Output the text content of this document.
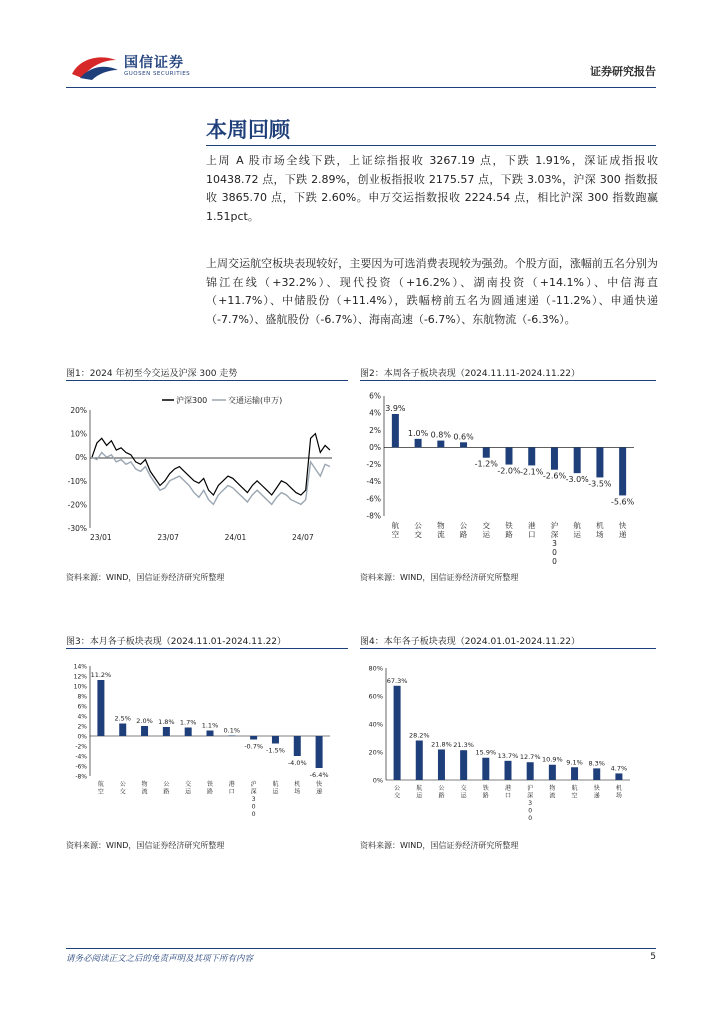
国信证券
GUOSEN SECURITIES	证券研究报告
本周回顾
上周 A 股市场全线下跌，上证综指报收 3267.19 点，下跌 1.91%，深证成指报收 10438.72 点，下跌 2.89%，创业板指报收 2175.57 点，下跌 3.03%，沪深 300 指数报收 3865.70 点，下跌 2.60%。申万交运指数报收 2224.54 点，相比沪深 300 指数跑赢 1.51pct。
上周交运航空板块表现较好，主要因为可选消费表现较为强劲。个股方面，涨幅前五名分别为锦江在线（+32.2%）、现代投资（+16.2%）、湖南投资（+14.1%）、中信海直（+11.7%）、中储股份（+11.4%），跌幅榜前五名为圆通速递（-11.2%）、申通快递（-7.7%）、盛航股份（-6.7%）、海南高速（-6.7%）、东航物流（-6.3%）。
图1：2024 年初至今交运及沪深 300 走势
沪深300	交通运输(申万)
20%
10%
0%
-10%
-20%
-30%
23/01	23/07	24/01	24/07
资料来源：WIND，国信证券经济研究所整理
图2：本周各子板块表现（2024.11.11-2024.11.22）
6%
4%
2%
0%
-2%
-4%
-6%
-8%
3.9%
航
空
1.0%
公
交
0.8%
物
流
0.6%
公
路
-1.2%
交
运
-2.0%
铁
路
-2.1%
港
口
-2.6%
沪
深
3
0
0
-3.0%
航
运
-3.5%
机
场
-5.6%
快
递
资料来源：WIND，国信证券经济研究所整理
图3：本月各子板块表现（2024.11.01-2024.11.22）
14%
12%
10%
8%
6%
4%
2%
0%
-2%
-4%
-6%
-8%
11.2%
航
空
2.5%
公
交
2.0%
物
流
1.8%
公
路
1.7%
交
运
1.1%
铁
路
0.1%
港
口
-0.7%
沪
深
3
0
0
-1.5%
航
运
-4.0%
机
场
-6.4%
快
递
资料来源：WIND，国信证券经济研究所整理
图4：本年各子板块表现（2024.01.01-2024.11.22）
80%
60%
40%
20%
0%
67.3%
公
交
28.2%
航
运
21.8%
公
路
21.3%
交
运
15.9%
铁
路
13.7%
港
口
12.7%
沪
深
3
0
0
10.9%
物
流
9.1%
航
空
8.3%
快
递
4.7%
机
场
资料来源：WIND，国信证券经济研究所整理
请务必阅读正文之后的免责声明及其项下所有内容	5
